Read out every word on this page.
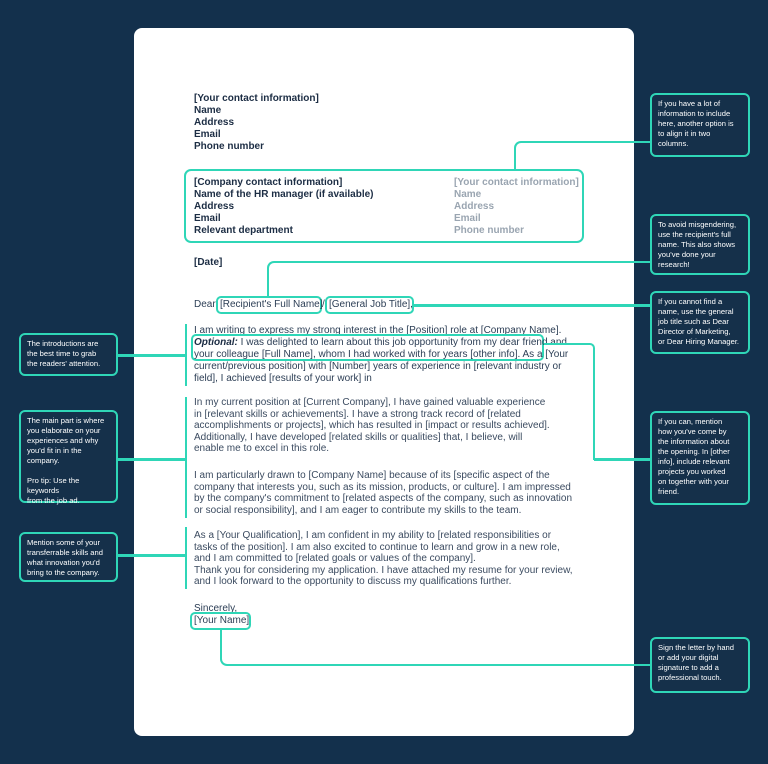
[Your contact information]
Name
Address
Email
Phone number
[Company contact information]
Name of the HR manager (if available)
Address
Email
Relevant department
[Your contact information]
Name
Address
Email
Phone number
[Date]
Dear [Recipient's Full Name] / [General Job Title],
I am writing to express my strong interest in the [Position] role at [Company Name].
Optional: I was delighted to learn about this job opportunity from my dear friend and
your colleague [Full Name], whom I had worked with for years [other info]. As a [Your
current/previous position] with [Number] years of experience in [relevant industry or
field], I achieved [results of your work] in
In my current position at [Current Company], I have gained valuable experience
in [relevant skills or achievements]. I have a strong track record of [related
accomplishments or projects], which has resulted in [impact or results achieved].
Additionally, I have developed [related skills or qualities] that, I believe, will
enable me to excel in this role.
I am particularly drawn to [Company Name] because of its [specific aspect of the
company that interests you, such as its mission, products, or culture]. I am impressed
by the company's commitment to [related aspects of the company, such as innovation
or social responsibility], and I am eager to contribute my skills to the team.
As a [Your Qualification], I am confident in my ability to [related responsibilities or
tasks of the position]. I am also excited to continue to learn and grow in a new role,
and I am committed to [related goals or values of the company].
Thank you for considering my application. I have attached my resume for your review,
and I look forward to the opportunity to discuss my qualifications further.
Sincerely,
[Your Name]
If you have a lot of
information to include
here, another option is
to align it in two
columns.
To avoid misgendering,
use the recipient's full
name. This also shows
you've done your
research!
If you cannot find a
name, use the general
job title such as Dear
Director of Marketing,
or Dear Hiring Manager.
If you can, mention
how you've come by
the information about
the opening. In [other
info], include relevant
projects you worked
on together with your
friend.
Sign the letter by hand
or add your digital
signature to add a
professional touch.
The introductions are
the best time to grab
the readers' attention.
The main part is where
you elaborate on your
experiences and why
you'd fit in in the
company.

Pro tip: Use the keywords
from the job ad.
Mention some of your
transferrable skills and
what innovation you'd
bring to the company.
